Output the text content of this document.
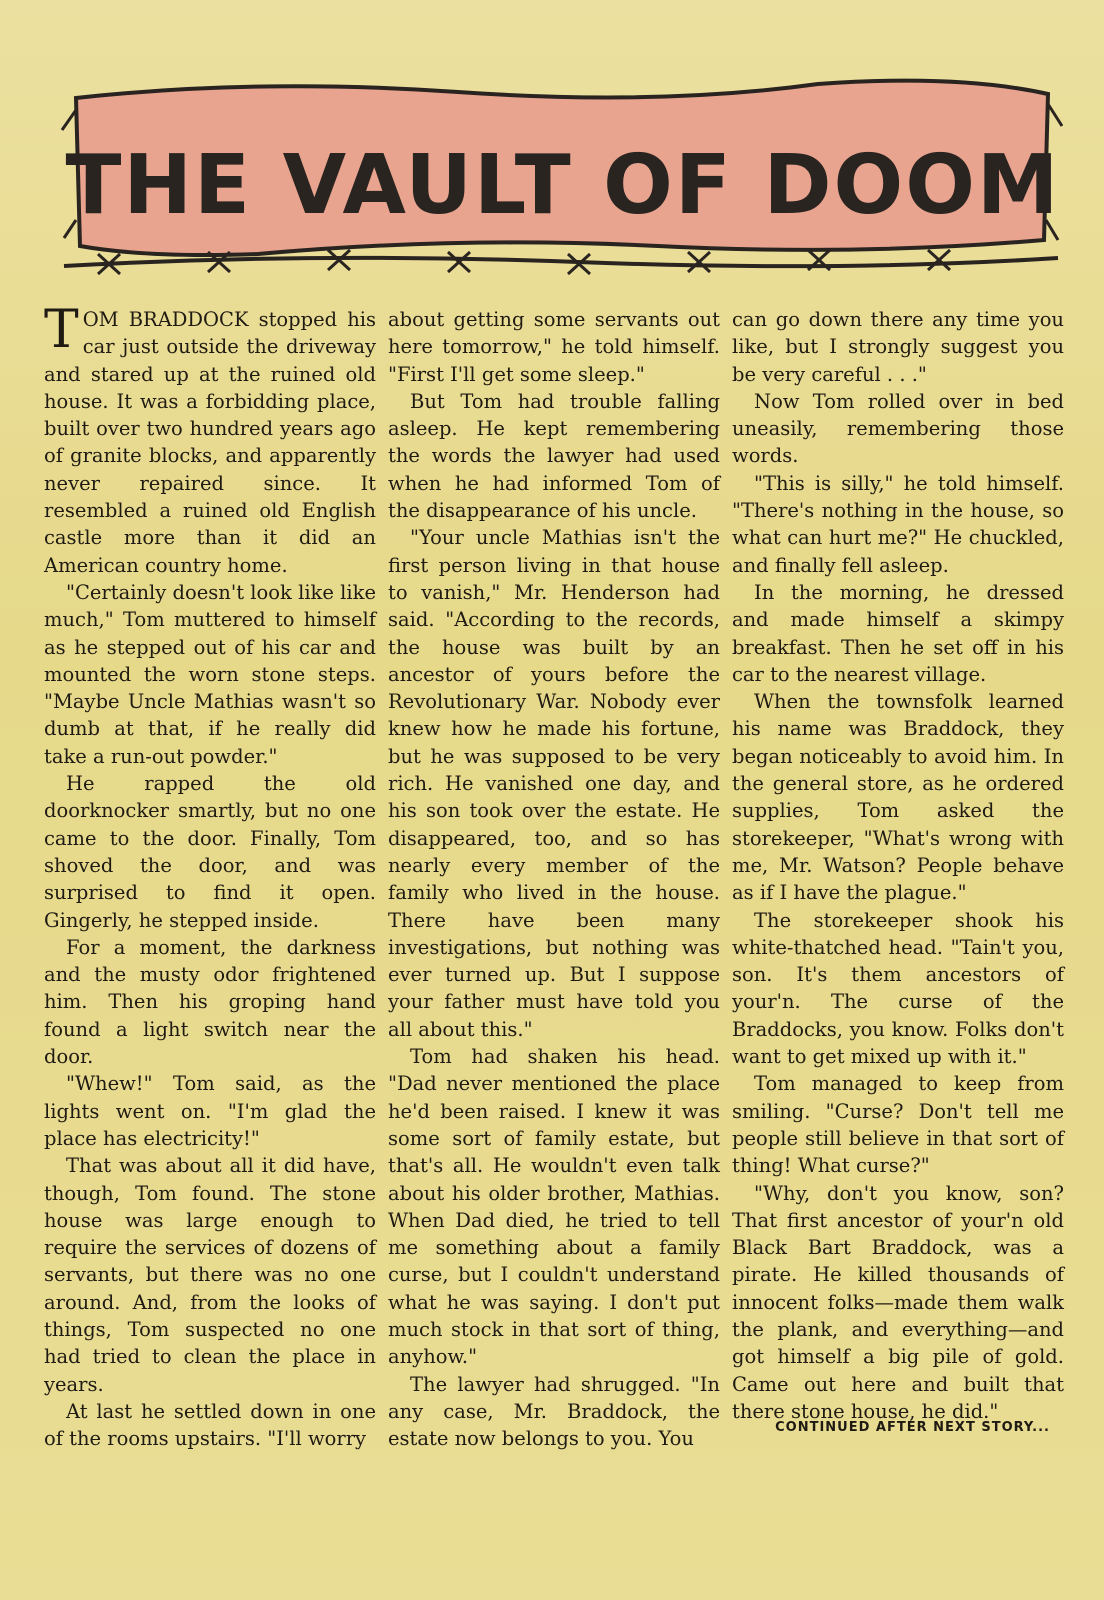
THE VAULT OF DOOM

TOM BRADDOCK stopped his car just outside the driveway and stared up at the ruined old house. It was a forbidding place, built over two hundred years ago of granite blocks, and apparently never repaired since. It resembled a ruined old English castle more than it did an American country home.

"Certainly doesn't look like like much," Tom muttered to himself as he stepped out of his car and mounted the worn stone steps. "Maybe Uncle Mathias wasn't so dumb at that, if he really did take a run-out powder."

He rapped the old doorknocker smartly, but no one came to the door. Finally, Tom shoved the door, and was surprised to find it open. Gingerly, he stepped inside.

For a moment, the darkness and the musty odor frightened him. Then his groping hand found a light switch near the door.

"Whew!" Tom said, as the lights went on. "I'm glad the place has electricity!"

That was about all it did have, though, Tom found. The stone house was large enough to require the services of dozens of servants, but there was no one around. And, from the looks of things, Tom suspected no one had tried to clean the place in years.

At last he settled down in one of the rooms upstairs. "I'll worry

about getting some servants out here tomorrow," he told himself. "First I'll get some sleep."

But Tom had trouble falling asleep. He kept remembering the words the lawyer had used when he had informed Tom of the disappearance of his uncle.

"Your uncle Mathias isn't the first person living in that house to vanish," Mr. Henderson had said. "According to the records, the house was built by an ancestor of yours before the Revolutionary War. Nobody ever knew how he made his fortune, but he was supposed to be very rich. He vanished one day, and his son took over the estate. He disappeared, too, and so has nearly every member of the family who lived in the house. There have been many investigations, but nothing was ever turned up. But I suppose your father must have told you all about this."

Tom had shaken his head. "Dad never mentioned the place he'd been raised. I knew it was some sort of family estate, but that's all. He wouldn't even talk about his older brother, Mathias. When Dad died, he tried to tell me something about a family curse, but I couldn't understand what he was saying. I don't put much stock in that sort of thing, anyhow."

The lawyer had shrugged. "In any case, Mr. Braddock, the estate now belongs to you. You

can go down there any time you like, but I strongly suggest you be very careful . . ."

Now Tom rolled over in bed uneasily, remembering those words.

"This is silly," he told himself. "There's nothing in the house, so what can hurt me?" He chuckled, and finally fell asleep.

In the morning, he dressed and made himself a skimpy breakfast. Then he set off in his car to the nearest village.

When the townsfolk learned his name was Braddock, they began noticeably to avoid him. In the general store, as he ordered supplies, Tom asked the storekeeper, "What's wrong with me, Mr. Watson? People behave as if I have the plague."

The storekeeper shook his white-thatched head. "Tain't you, son. It's them ancestors of your'n. The curse of the Braddocks, you know. Folks don't want to get mixed up with it."

Tom managed to keep from smiling. "Curse? Don't tell me people still believe in that sort of thing! What curse?"

"Why, don't you know, son? That first ancestor of your'n old Black Bart Braddock, was a pirate. He killed thousands of innocent folks—made them walk the plank, and everything—and got himself a big pile of gold. Came out here and built that there stone house, he did."

CONTINUED AFTER NEXT STORY...
